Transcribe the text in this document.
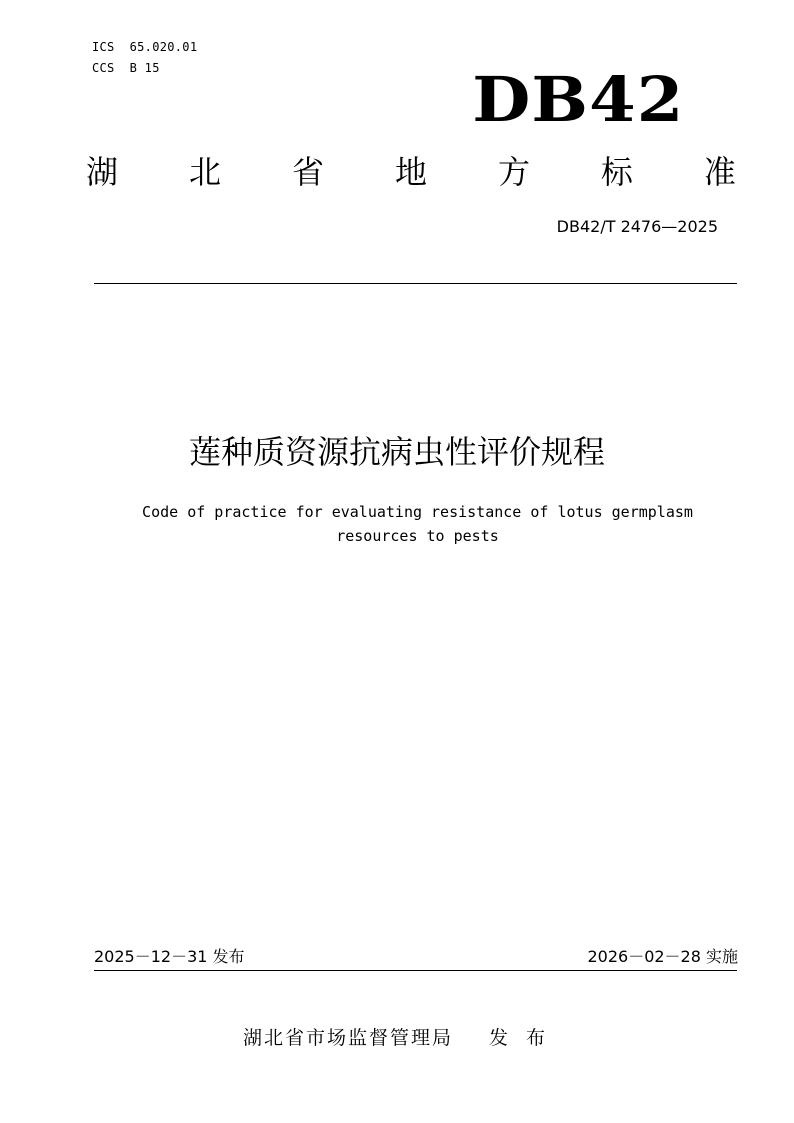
ICS  65.020.01
CCS  B 15	DB42
湖 北 省 地 方 标 准
DB42/T 2476—2025
莲种质资源抗病虫性评价规程
Code of practice for evaluating resistance of lotus germplasm
resources to pests
2025－12－31 发布	2026－02－28 实施
湖北省市场监督管理局 发 布
